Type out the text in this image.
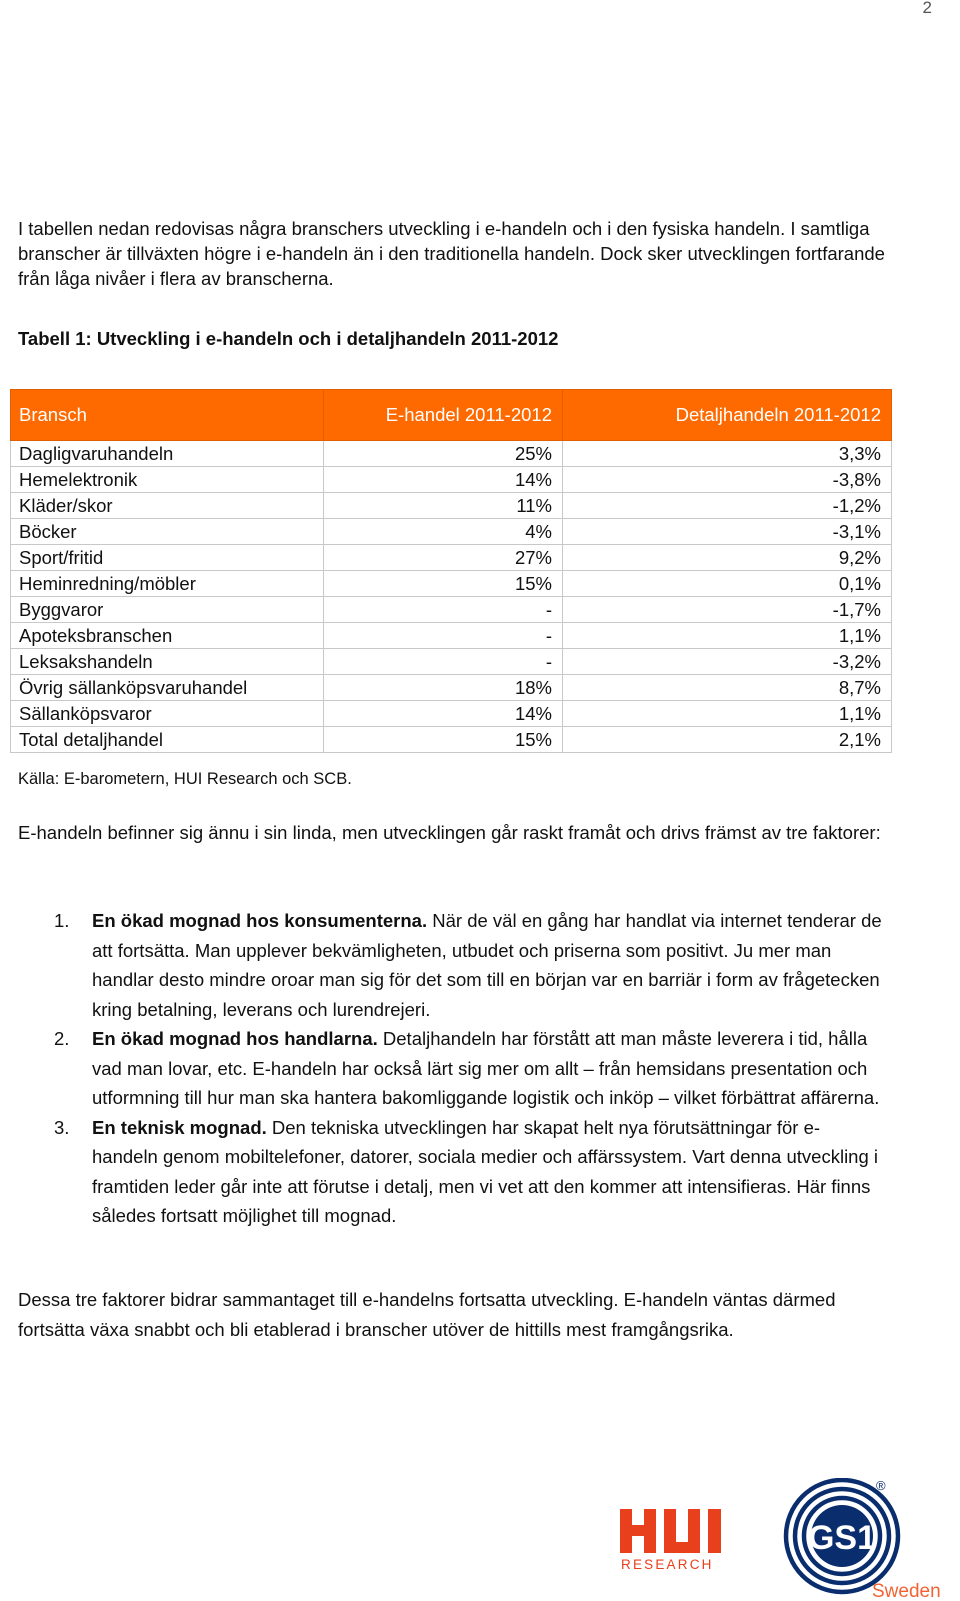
2

I tabellen nedan redovisas några branschers utveckling i e-handeln och i den fysiska handeln. I samtliga branscher är tillväxten högre i e-handeln än i den traditionella handeln. Dock sker utvecklingen fortfarande från låga nivåer i flera av branscherna.

Tabell 1: Utveckling i e-handeln och i detaljhandeln 2011-2012

Bransch	E-handel 2011-2012	Detaljhandeln 2011-2012
Dagligvaruhandeln	25%	3,3%
Hemelektronik	14%	-3,8%
Kläder/skor	11%	-1,2%
Böcker	4%	-3,1%
Sport/fritid	27%	9,2%
Heminredning/möbler	15%	0,1%
Byggvaror	-	-1,7%
Apoteksbranschen	-	1,1%
Leksakshandeln	-	-3,2%
Övrig sällanköpsvaruhandel	18%	8,7%
Sällanköpsvaror	14%	1,1%
Total detaljhandel	15%	2,1%

Källa: E-barometern, HUI Research och SCB.

E-handeln befinner sig ännu i sin linda, men utvecklingen går raskt framåt och drivs främst av tre faktorer:

1. En ökad mognad hos konsumenterna. När de väl en gång har handlat via internet tenderar de att fortsätta. Man upplever bekvämligheten, utbudet och priserna som positivt. Ju mer man handlar desto mindre oroar man sig för det som till en början var en barriär i form av frågetecken kring betalning, leverans och lurendrejeri.
2. En ökad mognad hos handlarna. Detaljhandeln har förstått att man måste leverera i tid, hålla vad man lovar, etc. E-handeln har också lärt sig mer om allt – från hemsidans presentation och utformning till hur man ska hantera bakomliggande logistik och inköp – vilket förbättrat affärerna.
3. En teknisk mognad. Den tekniska utvecklingen har skapat helt nya förutsättningar för e-handeln genom mobiltelefoner, datorer, sociala medier och affärssystem. Vart denna utveckling i framtiden leder går inte att förutse i detalj, men vi vet att den kommer att intensifieras. Här finns således fortsatt möjlighet till mognad.

Dessa tre faktorer bidrar sammantaget till e-handelns fortsatta utveckling. E-handeln väntas därmed fortsätta växa snabbt och bli etablerad i branscher utöver de hittills mest framgångsrika.

RESEARCH
GS1
®
Sweden
